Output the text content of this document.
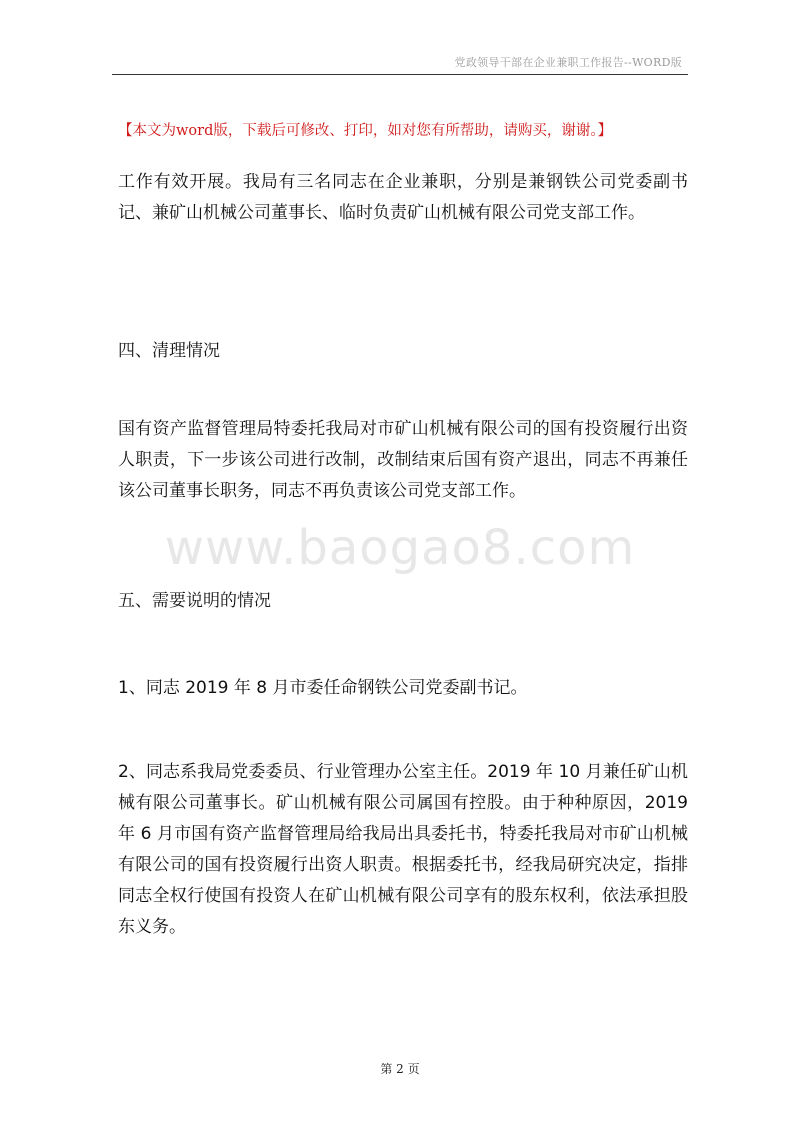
党政领导干部在企业兼职工作报告--WORD版
【本文为word版，下载后可修改、打印，如对您有所帮助，请购买，谢谢。】

工作有效开展。我局有三名同志在企业兼职，分别是兼钢铁公司党委副书记、兼矿山机械公司董事长、临时负责矿山机械有限公司党支部工作。

四、清理情况

国有资产监督管理局特委托我局对市矿山机械有限公司的国有投资履行出资人职责，下一步该公司进行改制，改制结束后国有资产退出，同志不再兼任该公司董事长职务，同志不再负责该公司党支部工作。

www.baogao8.com

五、需要说明的情况

1、同志 2019 年 8 月市委任命钢铁公司党委副书记。

2、同志系我局党委委员、行业管理办公室主任。2019 年 10 月兼任矿山机械有限公司董事长。矿山机械有限公司属国有控股。由于种种原因，2019 年 6 月市国有资产监督管理局给我局出具委托书，特委托我局对市矿山机械有限公司的国有投资履行出资人职责。根据委托书，经我局研究决定，指排同志全权行使国有投资人在矿山机械有限公司享有的股东权利，依法承担股东义务。

第 2 页
